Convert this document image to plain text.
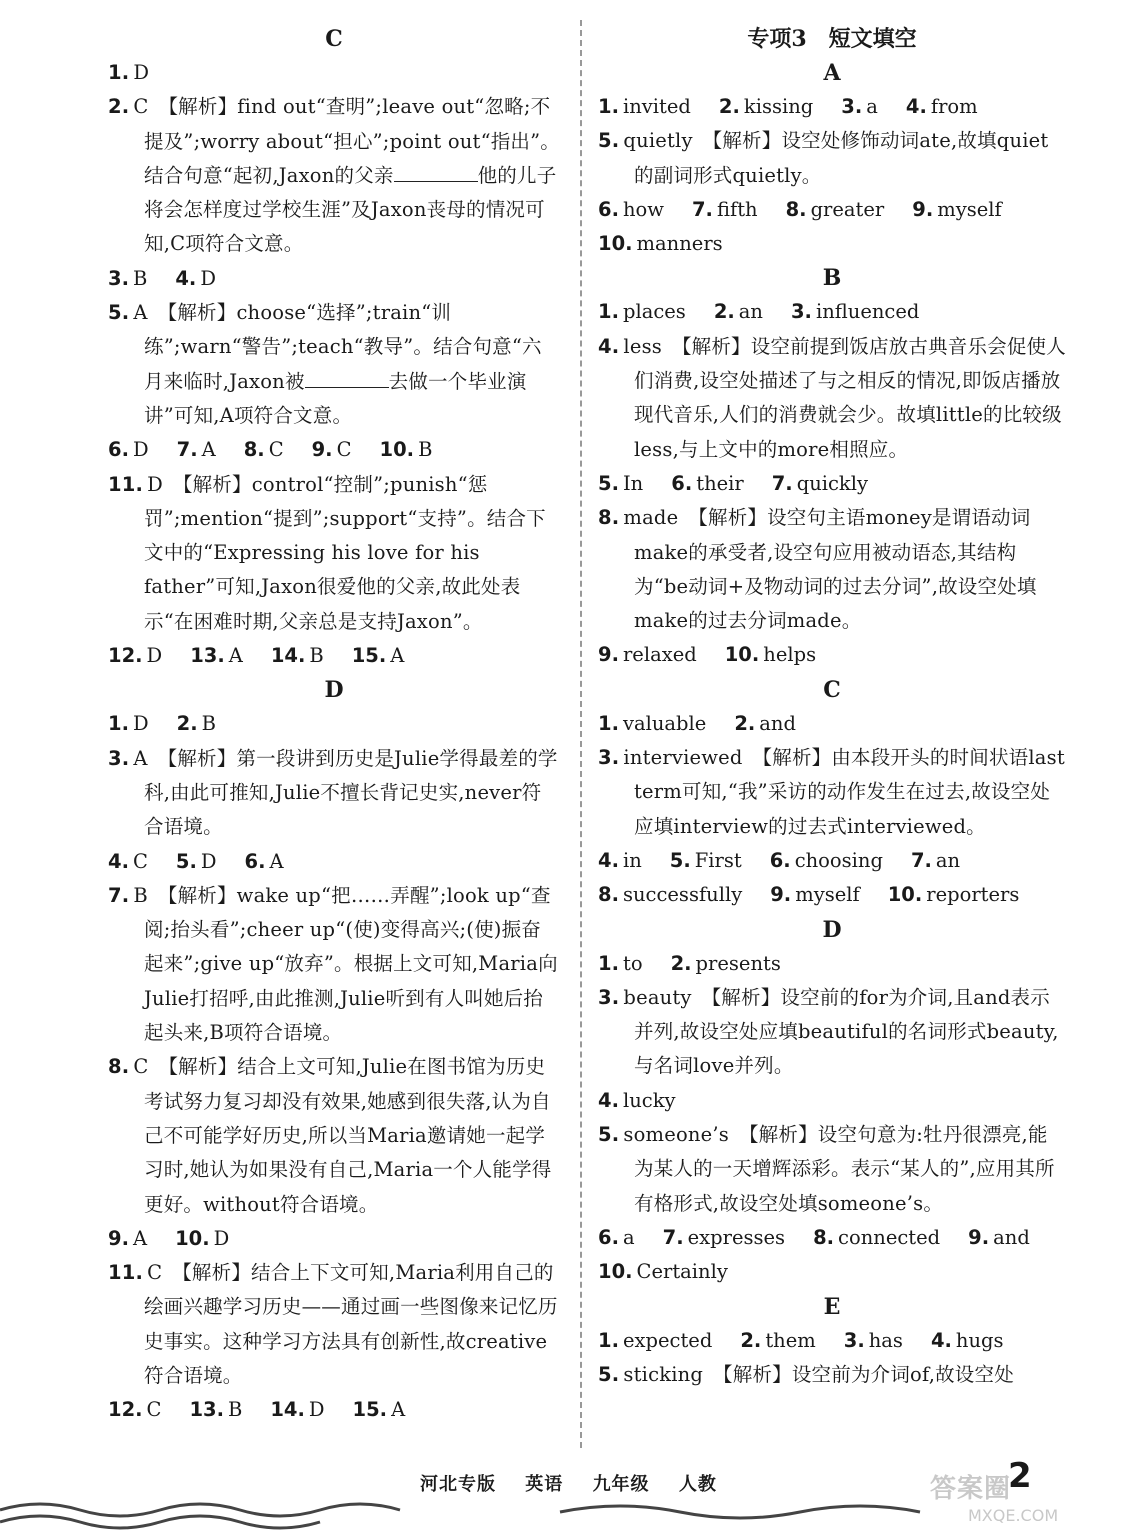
C

1. D 

2. C  【解析】find out“查明”;leave out“忽略;不提及”;worry about“担心”;point out“指出”。结合句意“起初,Jaxon的父亲	他的儿子将会怎样度过学校生涯”及Jaxon丧母的情况可知,C项符合文意。

3. B 4. D

5. A  【解析】choose“选择”;train“训练”;warn“警告”;teach“教导”。结合句意“六月来临时,Jaxon被	去做一个毕业演讲”可知,A项符合文意。

6. D 7. A 8. C 9. C 10. B

11. D  【解析】control“控制”;punish“惩罚”;mention“提到”;support“支持”。结合下文中的“Expressing his love for his father”可知,Jaxon很爱他的父亲,故此处表示“在困难时期,父亲总是支持Jaxon”。

12. D 13. A 14. B 15. A
D
1. D 2. B

3. A  【解析】第一段讲到历史是Julie学得最差的学科,由此可推知,Julie不擅长背记史实,never符合语境。

4. C 5. D 6. A

7. B  【解析】wake up“把……弄醒”;look up“查阅;抬头看”;cheer up“(使)变得高兴;(使)振奋起来”;give up“放弃”。根据上文可知,Maria向Julie打招呼,由此推测,Julie听到有人叫她后抬起头来,B项符合语境。

8. C  【解析】结合上文可知,Julie在图书馆为历史考试努力复习却没有效果,她感到很失落,认为自己不可能学好历史,所以当Maria邀请她一起学习时,她认为如果没有自己,Maria一个人能学得更好。without符合语境。

9. A 10. D

11. C  【解析】结合上下文可知,Maria利用自己的绘画兴趣学习历史——通过画一些图像来记忆历史事实。这种学习方法具有创新性,故creative符合语境。

12. C 13. B 14. D 15. A
专项3　短文填空
A
1. invited 2. kissing 3. a 4. from

5. quietly  【解析】设空处修饰动词ate,故填quiet的副词形式quietly。

6. how 7. fifth 8. greater 9. myself
10. manners
B
1. places 2. an 3. influenced

4. less  【解析】设空前提到饭店放古典音乐会促使人们消费,设空处描述了与之相反的情况,即饭店播放现代音乐,人们的消费就会少。故填little的比较级less,与上文中的more相照应。

5. In 6. their 7. quickly

8. made  【解析】设空句主语money是谓语动词make的承受者,设空句应用被动语态,其结构为“be动词+及物动词的过去分词”,故设空处填make的过去分词made。

9. relaxed 10. helps
C
1. valuable 2. and

3. interviewed  【解析】由本段开头的时间状语last term可知,“我”采访的动作发生在过去,故设空处应填interview的过去式interviewed。

4. in 5. First 6. choosing 7. an
8. successfully 9. myself 10. reporters
D
1. to 2. presents

3. beauty  【解析】设空前的for为介词,且and表示并列,故设空处应填beautiful的名词形式beauty,与名词love并列。

4. lucky

5. someone’s  【解析】设空句意为:牡丹很漂亮,能为某人的一天增辉添彩。表示“某人的”,应用其所有格形式,故设空处填someone’s。

6. a 7. expresses 8. connected 9. and
10. Certainly
E
1. expected 2. them 3. has 4. hugs

5. sticking  【解析】设空前为介词of,故设空处

河北专版 英语 九年级 人教	2
答案圈
MXQE.COM
